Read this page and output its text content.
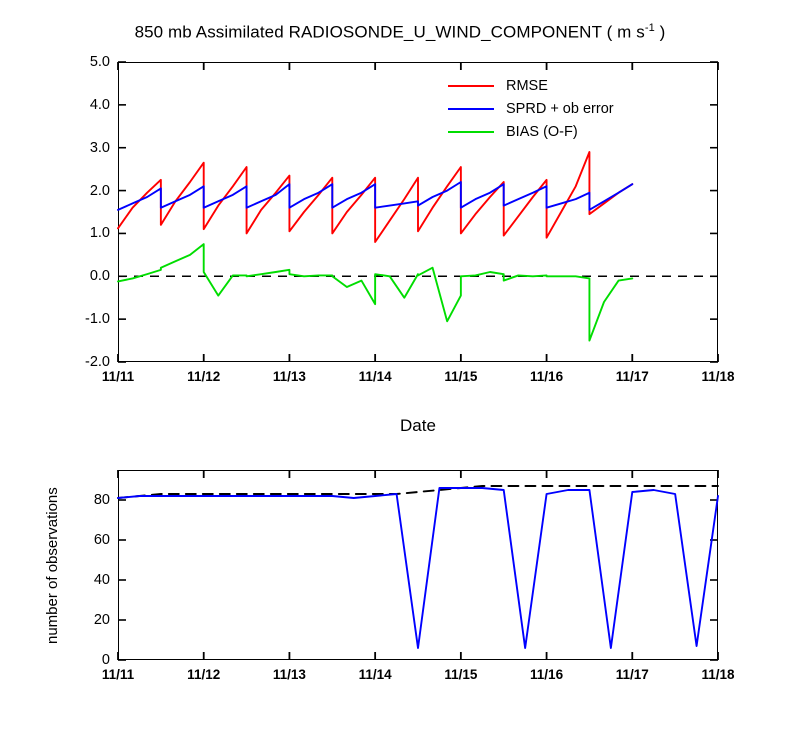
850 mb Assimilated RADIOSONDE_U_WIND_COMPONENT ( m $s^{-1}$ )
-2.0
-1.0
0.0
1.0
2.0
3.0
4.0
5.0
11/11	11/12	11/13	11/14	11/15	11/16	11/17	11/18
Date
RMSE
SPRD + ob error
BIAS (O-F)
0
20
40
60
80
11/11	11/12	11/13	11/14	11/15	11/16	11/17	11/18
number of observations
